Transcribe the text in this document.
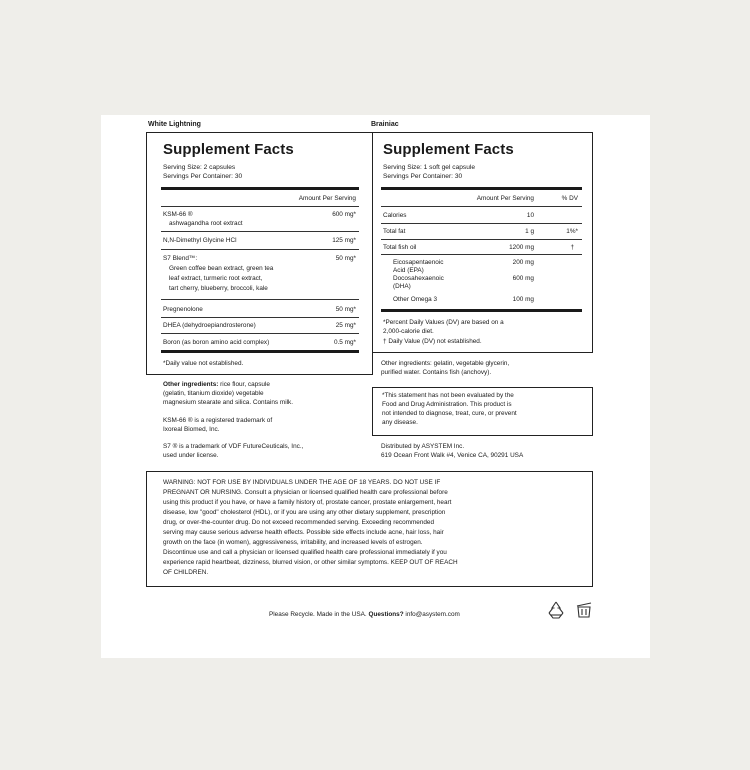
White Lightning
Supplement Facts
Serving Size: 2 capsules
Servings Per Container: 30
Amount Per Serving
KSM-66 ®	600 mg*
ashwagandha root extract
N,N-Dimethyl Glycine HCl	125 mg*
S7 Blend™:	50 mg*
Green coffee bean extract, green tea
leaf extract, turmeric root extract,
tart cherry, blueberry, broccoli, kale
Pregnenolone	50 mg*
DHEA (dehydroepiandrosterone)	25 mg*
Boron (as boron amino acid complex)	0.5 mg*
*Daily value not established.
Other ingredients: rice flour, capsule
(gelatin, titanium dioxide) vegetable
magnesium stearate and silica. Contains milk.
KSM-66 ® is a registered trademark of
Ixoreal Biomed, Inc.
S7 ® is a trademark of VDF FutureCeuticals, Inc.,
used under license.
Brainiac
Supplement Facts
Serving Size: 1 soft gel capsule
Servings Per Container: 30
Amount Per Serving	% DV
Calories	10
Total fat	1 g	1%*
Total fish oil	1200 mg	†
Eicosapentaenoic	200 mg
Acid (EPA)
Docosahexaenoic	600 mg
(DHA)
Other Omega 3	100 mg
*Percent Daily Values (DV) are based on a
2,000-calorie diet.
† Daily Value (DV) not established.
Other ingredients: gelatin, vegetable glycerin,
purified water. Contains fish (anchovy).
*This statement has not been evaluated by the
Food and Drug Administration. This product is
not intended to diagnose, treat, cure, or prevent
any disease.
Distributed by ASYSTEM Inc.
619 Ocean Front Walk #4, Venice CA, 90291 USA
WARNING: NOT FOR USE BY INDIVIDUALS UNDER THE AGE OF 18 YEARS. DO NOT USE IF
PREGNANT OR NURSING. Consult a physician or licensed qualified health care professional before
using this product if you have, or have a family history of, prostate cancer, prostate enlargement, heart
disease, low "good" cholesterol (HDL), or if you are using any other dietary supplement, prescription
drug, or over-the-counter drug. Do not exceed recommended serving. Exceeding recommended
serving may cause serious adverse health effects. Possible side effects include acne, hair loss, hair
growth on the face (in women), aggressiveness, irritability, and increased levels of estrogen.
Discontinue use and call a physician or licensed qualified health care professional immediately if you
experience rapid heartbeat, dizziness, blurred vision, or other similar symptoms. KEEP OUT OF REACH
OF CHILDREN.
Please Recycle. Made in the USA. Questions? info@asystem.com
